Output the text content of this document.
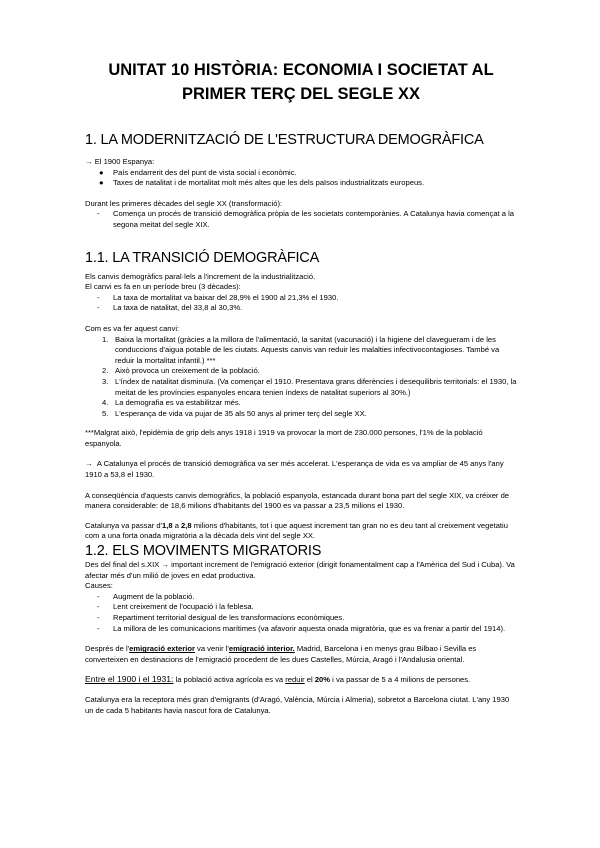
UNITAT 10 HISTÒRIA: ECONOMIA I SOCIETAT AL
PRIMER TERÇ DEL SEGLE XX
1. LA MODERNITZACIÓ DE L'ESTRUCTURA DEMOGRÀFICA

→ El 1900 Espanya:

● País endarrerit des del punt de vista social i econòmic.
● Taxes de natalitat i de mortalitat molt més altes que les dels països industrialitzats europeus.

Durant les primeres dècades del segle XX (transformació):

- Comença un procés de transició demogràfica pròpia de les societats contemporànies. A Catalunya havia començat a la segona meitat del segle XIX.
1.1. LA TRANSICIÓ DEMOGRÀFICA

Els canvis demogràfics paral·lels a l'increment de la industrialització.

El canvi es fa en un període breu (3 dècades):

- La taxa de mortalitat va baixar del 28,9% el 1900 al 21,3% el 1930.
- La taxa de natalitat, del 33,8 al 30,3%.

Com es va fer aquest canvi:

1. Baixa la mortalitat (gràcies a la millora de l'alimentació, la sanitat (vacunació) i la higiene del clavegueram i de les conduccions d'aigua potable de les ciutats. Aquests canvis van reduir les malalties infectivocontagioses. També va reduir la mortalitat infantil.) ***
2. Això provoca un creixement de la població.
3. L'índex de natalitat disminuïa. (Va començar el 1910. Presentava grans diferències i desequilibris territorials: el 1930, la meitat de les províncies espanyoles encara tenien índexs de natalitat superiors al 30%.)
4. La demografia es va estabilitzar més.
5. L'esperança de vida va pujar de 35 als 50 anys al primer terç del segle XX.

***Malgrat això, l'epidèmia de grip dels anys 1918 i 1919 va provocar la mort de 230.000 persones, l'1% de la població espanyola.

→ A Catalunya el procés de transició demogràfica va ser més accelerat. L'esperança de vida es va ampliar de 45 anys l'any 1910 a 53,8 el 1930.

A conseqüència d'aquests canvis demogràfics, la població espanyola, estancada durant bona part del segle XIX, va créixer de manera considerable: de 18,6 milions d'habitants del 1900 es va passar a 23,5 milions el 1930.

Catalunya va passar d'1,8 a 2,8 milions d'habitants, tot i que aquest increment tan gran no es deu tant al creixement vegetatiu com a una forta onada migratòria a la dècada dels vint del segle XX.

1.2. ELS MOVIMENTS MIGRATORIS

Des del final del s.XIX → important increment de l'emigració exterior (dirigit fonamentalment cap a l'Amèrica del Sud i Cuba). Va afectar més d'un milió de joves en edat productiva.

Causes:

- Augment de la població.
- Lent creixement de l'ocupació i la feblesa.
- Repartiment territorial desigual de les transformacions econòmiques.
- La millora de les comunicacions marítimes (va afavorir aquesta onada migratòria, que es va frenar a partir del 1914).

Després de l'emigració exterior va venir l'emigració interior. Madrid, Barcelona i en menys grau Bilbao i Sevilla es converteixen en destinacions de l'emigració procedent de les dues Castelles, Múrcia, Aragó i l'Andalusia oriental.

Entre el 1900 i el 1931: la població activa agrícola es va reduir el 20% i va passar de 5 a 4 milions de persones.

Catalunya era la receptora més gran d'emigrants (d'Aragó, València, Múrcia i Almeria), sobretot a Barcelona ciutat. L'any 1930 un de cada 5 habitants havia nascut fora de Catalunya.
